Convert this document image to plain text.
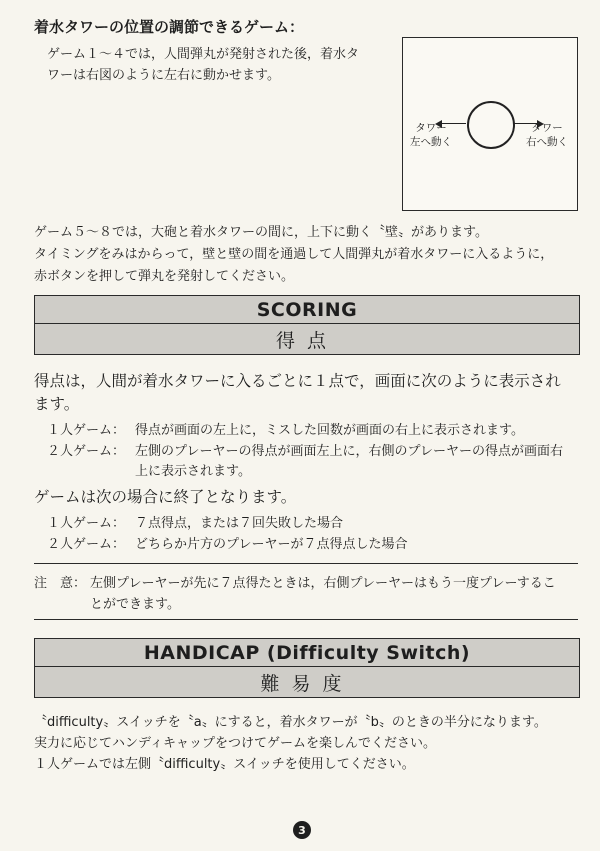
着水タワーの位置の調節できるゲーム：
ゲーム１～４では，人間弾丸が発射された後，着水タ
ワーは右図のように左右に動かせます。
タワー
左へ動く
タワー
右へ動く
ゲーム５～８では，大砲と着水タワーの間に，上下に動く〝壁〟があります。
タイミングをみはからって，壁と壁の間を通過して人間弾丸が着水タワーに入るように，
赤ボタンを押して弾丸を発射してください。
SCORING
得点
得点は，人間が着水タワーに入るごとに１点で，画面に次のように表示され
ます。
１人ゲーム： 得点が画面の左上に，ミスした回数が画面の右上に表示されます。
２人ゲーム： 左側のプレーヤーの得点が画面左上に，右側のプレーヤーの得点が画面右
上に表示されます。
ゲームは次の場合に終了となります。
１人ゲーム： ７点得点，または７回失敗した場合
２人ゲーム： どちらか片方のプレーヤーが７点得点した場合
注　意： 左側プレーヤーが先に７点得たときは，右側プレーヤーはもう一度プレーするこ
とができます。
HANDICAP (Difficulty Switch)
難易度
〝difficulty〟スイッチを〝a〟にすると，着水タワーが〝b〟のときの半分になります。
実力に応じてハンディキャップをつけてゲームを楽しんでください。
１人ゲームでは左側〝difficulty〟スイッチを使用してください。
3
